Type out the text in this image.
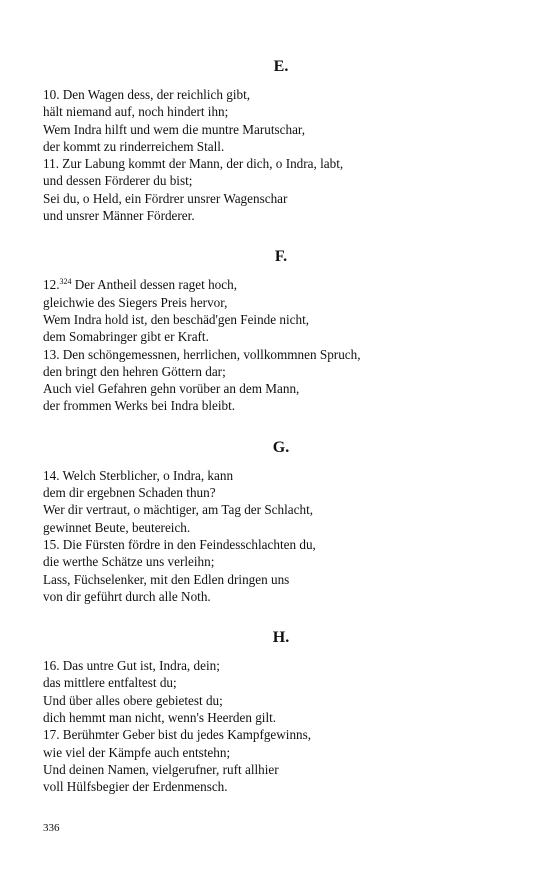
E.
10. Den Wagen dess, der reichlich gibt,
hält niemand auf, noch hindert ihn;
Wem Indra hilft und wem die muntre Marutschar,
der kommt zu rinderreichem Stall.
11. Zur Labung kommt der Mann, der dich, o Indra, labt,
und dessen Förderer du bist;
Sei du, o Held, ein Fördrer unsrer Wagenschar
und unsrer Männer Förderer.
F.
12.$^{324}$ Der Antheil dessen raget hoch,
gleichwie des Siegers Preis hervor,
Wem Indra hold ist, den beschäd'gen Feinde nicht,
dem Somabringer gibt er Kraft.
13. Den schöngemessnen, herrlichen, vollkommnen Spruch,
den bringt den hehren Göttern dar;
Auch viel Gefahren gehn vorüber an dem Mann,
der frommen Werks bei Indra bleibt.
G.
14. Welch Sterblicher, o Indra, kann
dem dir ergebnen Schaden thun?
Wer dir vertraut, o mächtiger, am Tag der Schlacht,
gewinnet Beute, beutereich.
15. Die Fürsten fördre in den Feindesschlachten du,
die werthe Schätze uns verleihn;
Lass, Füchselenker, mit den Edlen dringen uns
von dir geführt durch alle Noth.
H.
16. Das untre Gut ist, Indra, dein;
das mittlere entfaltest du;
Und über alles obere gebietest du;
dich hemmt man nicht, wenn's Heerden gilt.
17. Berühmter Geber bist du jedes Kampfgewinns,
wie viel der Kämpfe auch entstehn;
Und deinen Namen, vielgerufner, ruft allhier
voll Hülfsbegier der Erdenmensch.
336
